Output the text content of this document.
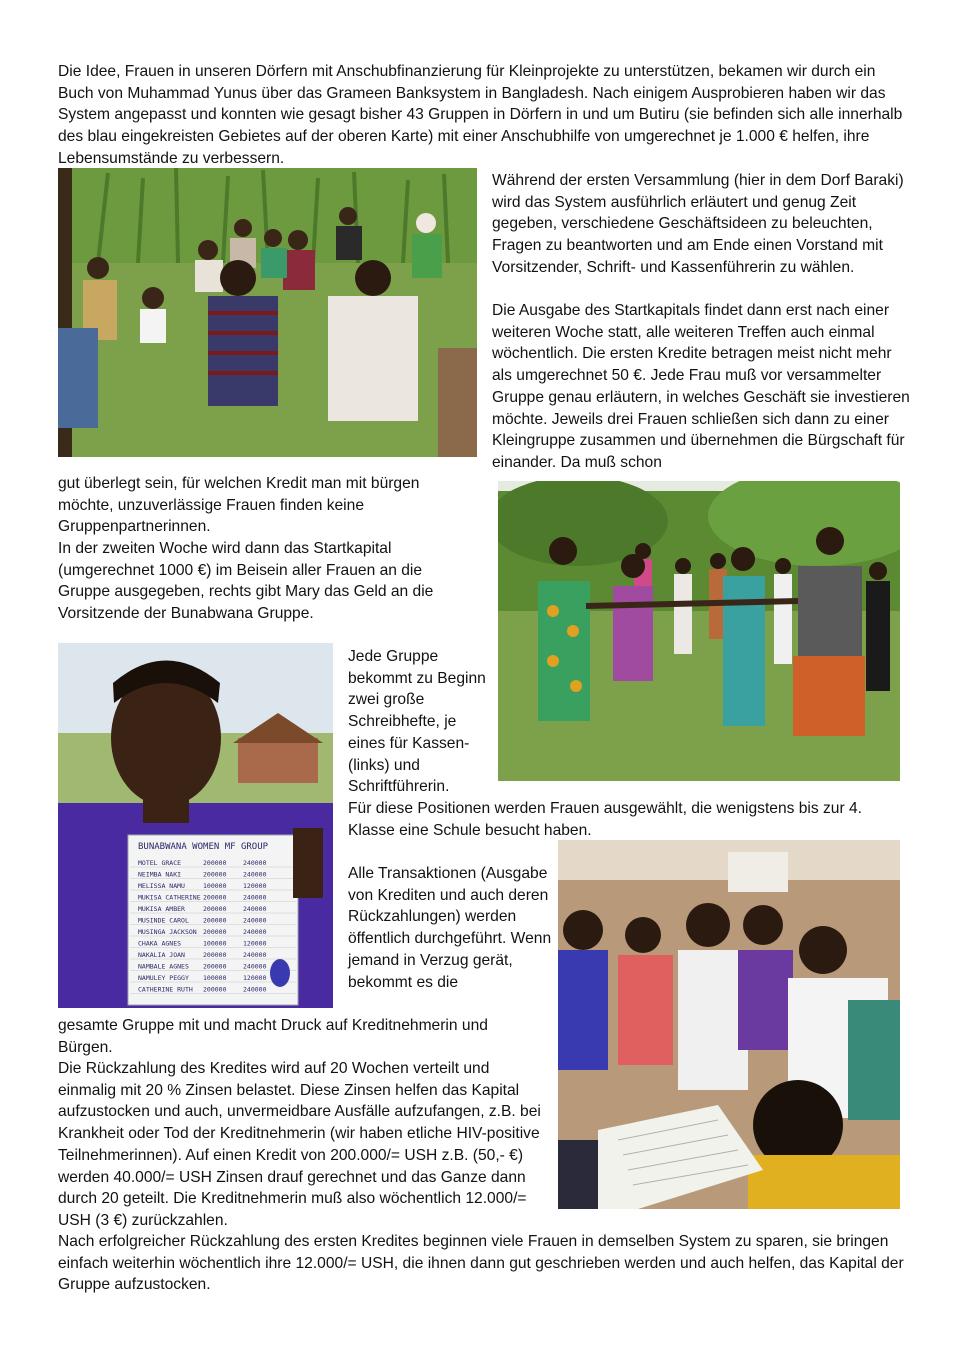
Die Idee, Frauen in unseren Dörfern mit Anschubfinanzierung für Kleinprojekte zu unterstützen, bekamen wir durch ein Buch von Muhammad Yunus über das Grameen Banksystem in Bangladesh. Nach einigem Ausprobieren haben wir das System angepasst und konnten wie gesagt bisher 43 Gruppen in Dörfern in und um Butiru (sie befinden sich alle innerhalb des blau eingekreisten Gebietes auf der oberen Karte) mit einer Anschubhilfe von umgerechnet je 1.000 € helfen, ihre Lebensumstände zu verbessern.

Während der ersten Versammlung (hier in dem Dorf Baraki) wird das System ausführlich erläutert und genug Zeit gegeben, verschiedene Geschäftsideen zu beleuchten, Fragen zu beantworten und am Ende einen Vorstand mit Vorsitzender, Schrift- und Kassenführerin zu wählen.

Die Ausgabe des Startkapitals findet dann erst nach einer weiteren Woche statt, alle weiteren Treffen auch einmal wöchentlich. Die ersten Kredite betragen meist nicht mehr als umgerechnet 50 €. Jede Frau muß vor versammelter Gruppe genau erläutern, in welches Geschäft sie investieren möchte. Jeweils drei Frauen schließen sich dann zu einer Kleingruppe zusammen und übernehmen die Bürgschaft für einander. Da muß schon

gut überlegt sein, für welchen Kredit man mit bürgen möchte, unzuverlässige Frauen finden keine Gruppenpartnerinnen.

In der zweiten Woche wird dann das Startkapital (umgerechnet 1000 €) im Beisein aller Frauen an die Gruppe ausgegeben, rechts gibt Mary das Geld an die Vorsitzende der Bunabwana Gruppe.

Jede Gruppe bekommt zu Beginn zwei große Schreibhefte, je eines für Kassen- (links) und Schriftführerin.

Für diese Positionen werden Frauen ausgewählt, die wenigstens bis zur 4. Klasse eine Schule besucht haben.

Alle Transaktionen (Ausgabe von Krediten und auch deren Rückzahlungen) werden öffentlich durchgeführt. Wenn jemand in Verzug gerät, bekommt es die

gesamte Gruppe mit und macht Druck auf Kreditnehmerin und Bürgen.

Die Rückzahlung des Kredites wird auf 20 Wochen verteilt und einmalig mit 20 % Zinsen belastet. Diese Zinsen helfen das Kapital aufzustocken und auch, unvermeidbare Ausfälle aufzufangen, z.B. bei Krankheit oder Tod der Kreditnehmerin (wir haben etliche HIV-positive Teilnehmerinnen). Auf einen Kredit von 200.000/= USH z.B. (50,- €) werden 40.000/= USH Zinsen drauf gerechnet und das Ganze dann durch 20 geteilt. Die Kreditnehmerin muß also wöchentlich 12.000/= USH (3 €) zurückzahlen.

Nach erfolgreicher Rückzahlung des ersten Kredites beginnen viele Frauen in demselben System zu sparen, sie bringen einfach weiterhin wöchentlich ihre 12.000/= USH, die ihnen dann gut geschrieben werden und auch helfen, das Kapital der Gruppe aufzustocken.

BUNABWANA WOMEN MF GROUP
MOTEL GRACE	200000	240000
NEIMBA NAKI	200000	240000
MELISSA NAMU	100000	120000
MUKISA CATHERINE 200000	240000
MUKISA AMBER	200000	240000
MUSINDE CAROL 200000	240000
MUSINGA JACKSON 200000	240000
CHAKA AGNES	100000	120000
NAKALIA JOAN	200000	240000
NAMBALE AGNES 200000	240000
NAMULEY PEGGY 100000	120000
CATHERINE RUTH 200000	240000
